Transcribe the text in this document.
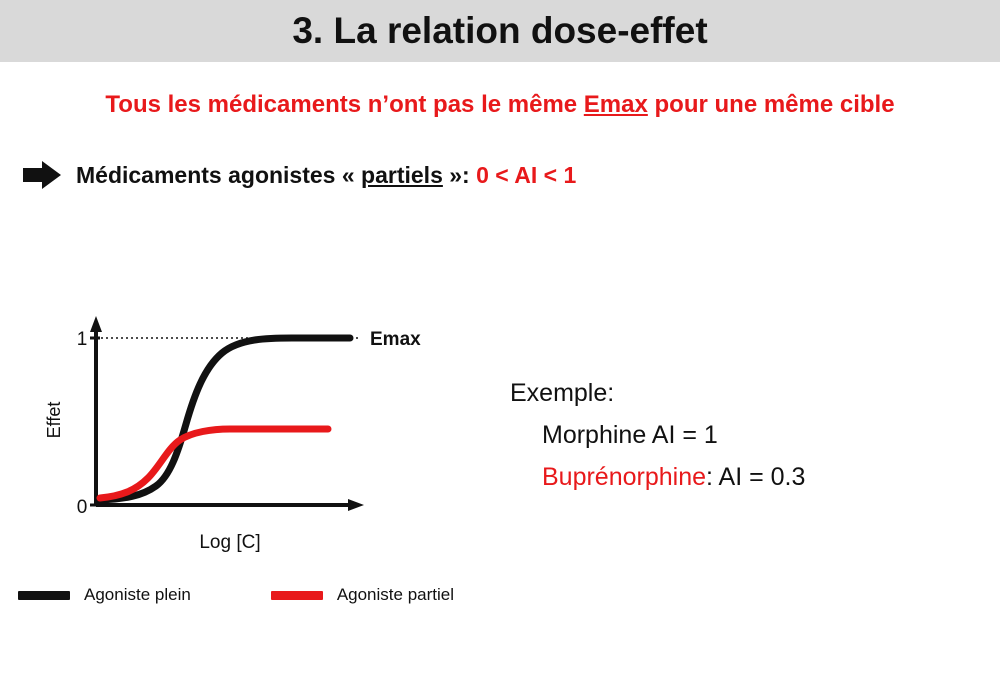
3. La relation dose-effet
Tous les médicaments n’ont pas le même Emax pour une même cible
Médicaments agonistes « partiels »: 0 < AI < 1
1
0
Effet
Log [C]
Emax
Exemple:
Morphine AI = 1
Buprénorphine: AI = 0.3
Agoniste plein	Agoniste partiel
